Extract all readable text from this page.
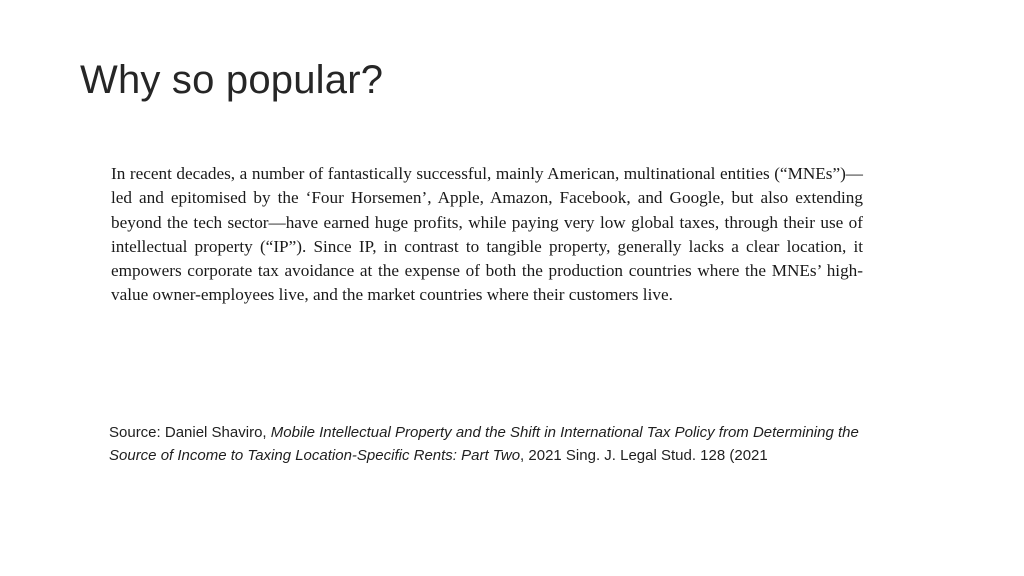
Why so popular?
In recent decades, a number of fantastically successful, mainly American, multinational entities (“MNEs”)—led and epitomised by the ‘Four Horsemen’, Apple, Amazon, Facebook, and Google, but also extending beyond the tech sector—have earned huge profits, while paying very low global taxes, through their use of intellectual property (“IP”). Since IP, in contrast to tangible property, generally lacks a clear location, it empowers corporate tax avoidance at the expense of both the production countries where the MNEs’ high-value owner-employees live, and the market countries where their customers live.
Source: Daniel Shaviro, Mobile Intellectual Property and the Shift in International Tax Policy from Determining the Source of Income to Taxing Location-Specific Rents: Part Two, 2021 Sing. J. Legal Stud. 128 (2021
